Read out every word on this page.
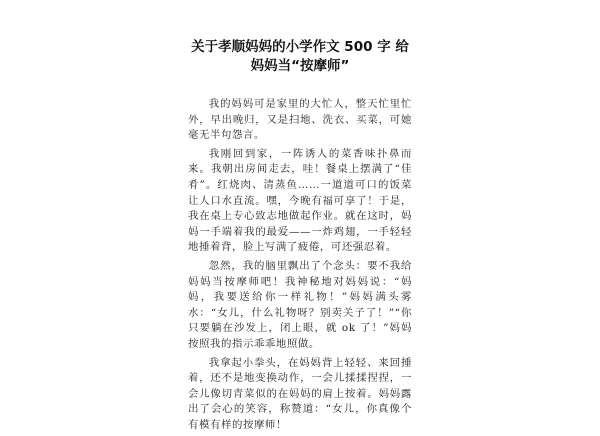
关于孝顺妈妈的小学作文 500 字 给妈妈当“按摩师”

我的妈妈可是家里的大忙人，整天忙里忙外，早出晚归，又是扫地、洗衣、买菜，可她毫无半句怨言。

我刚回到家，一阵诱人的菜香味扑鼻而来。我朝出房间走去，哇！餐桌上摆满了“佳肴”。红烧肉、清蒸鱼……一道道可口的饭菜让人口水直流。嘿，今晚有福可享了！于是，我在桌上专心致志地做起作业。就在这时，妈妈一手端着我的最爱——一炸鸡翅，一手轻轻地捶着背，脸上写满了疲倦，可还强忍着。

忽然，我的脑里飘出了个念头：要不我给妈妈当按摩师吧！我神秘地对妈妈说：“妈妈，我要送给你一样礼物！”妈妈满头雾水：“女儿，什么礼物呀？别卖关子了！”“你只要躺在沙发上，闭上眼，就 ok 了！”妈妈按照我的指示乖乖地照做。

我拿起小拳头，在妈妈背上轻轻、来回捶着，还不是地变换动作，一会儿揉揉捏捏，一会儿像切青菜似的在妈妈的肩上按着。妈妈露出了会心的笑容，称赞道：“女儿，你真像个有模有样的按摩师！
